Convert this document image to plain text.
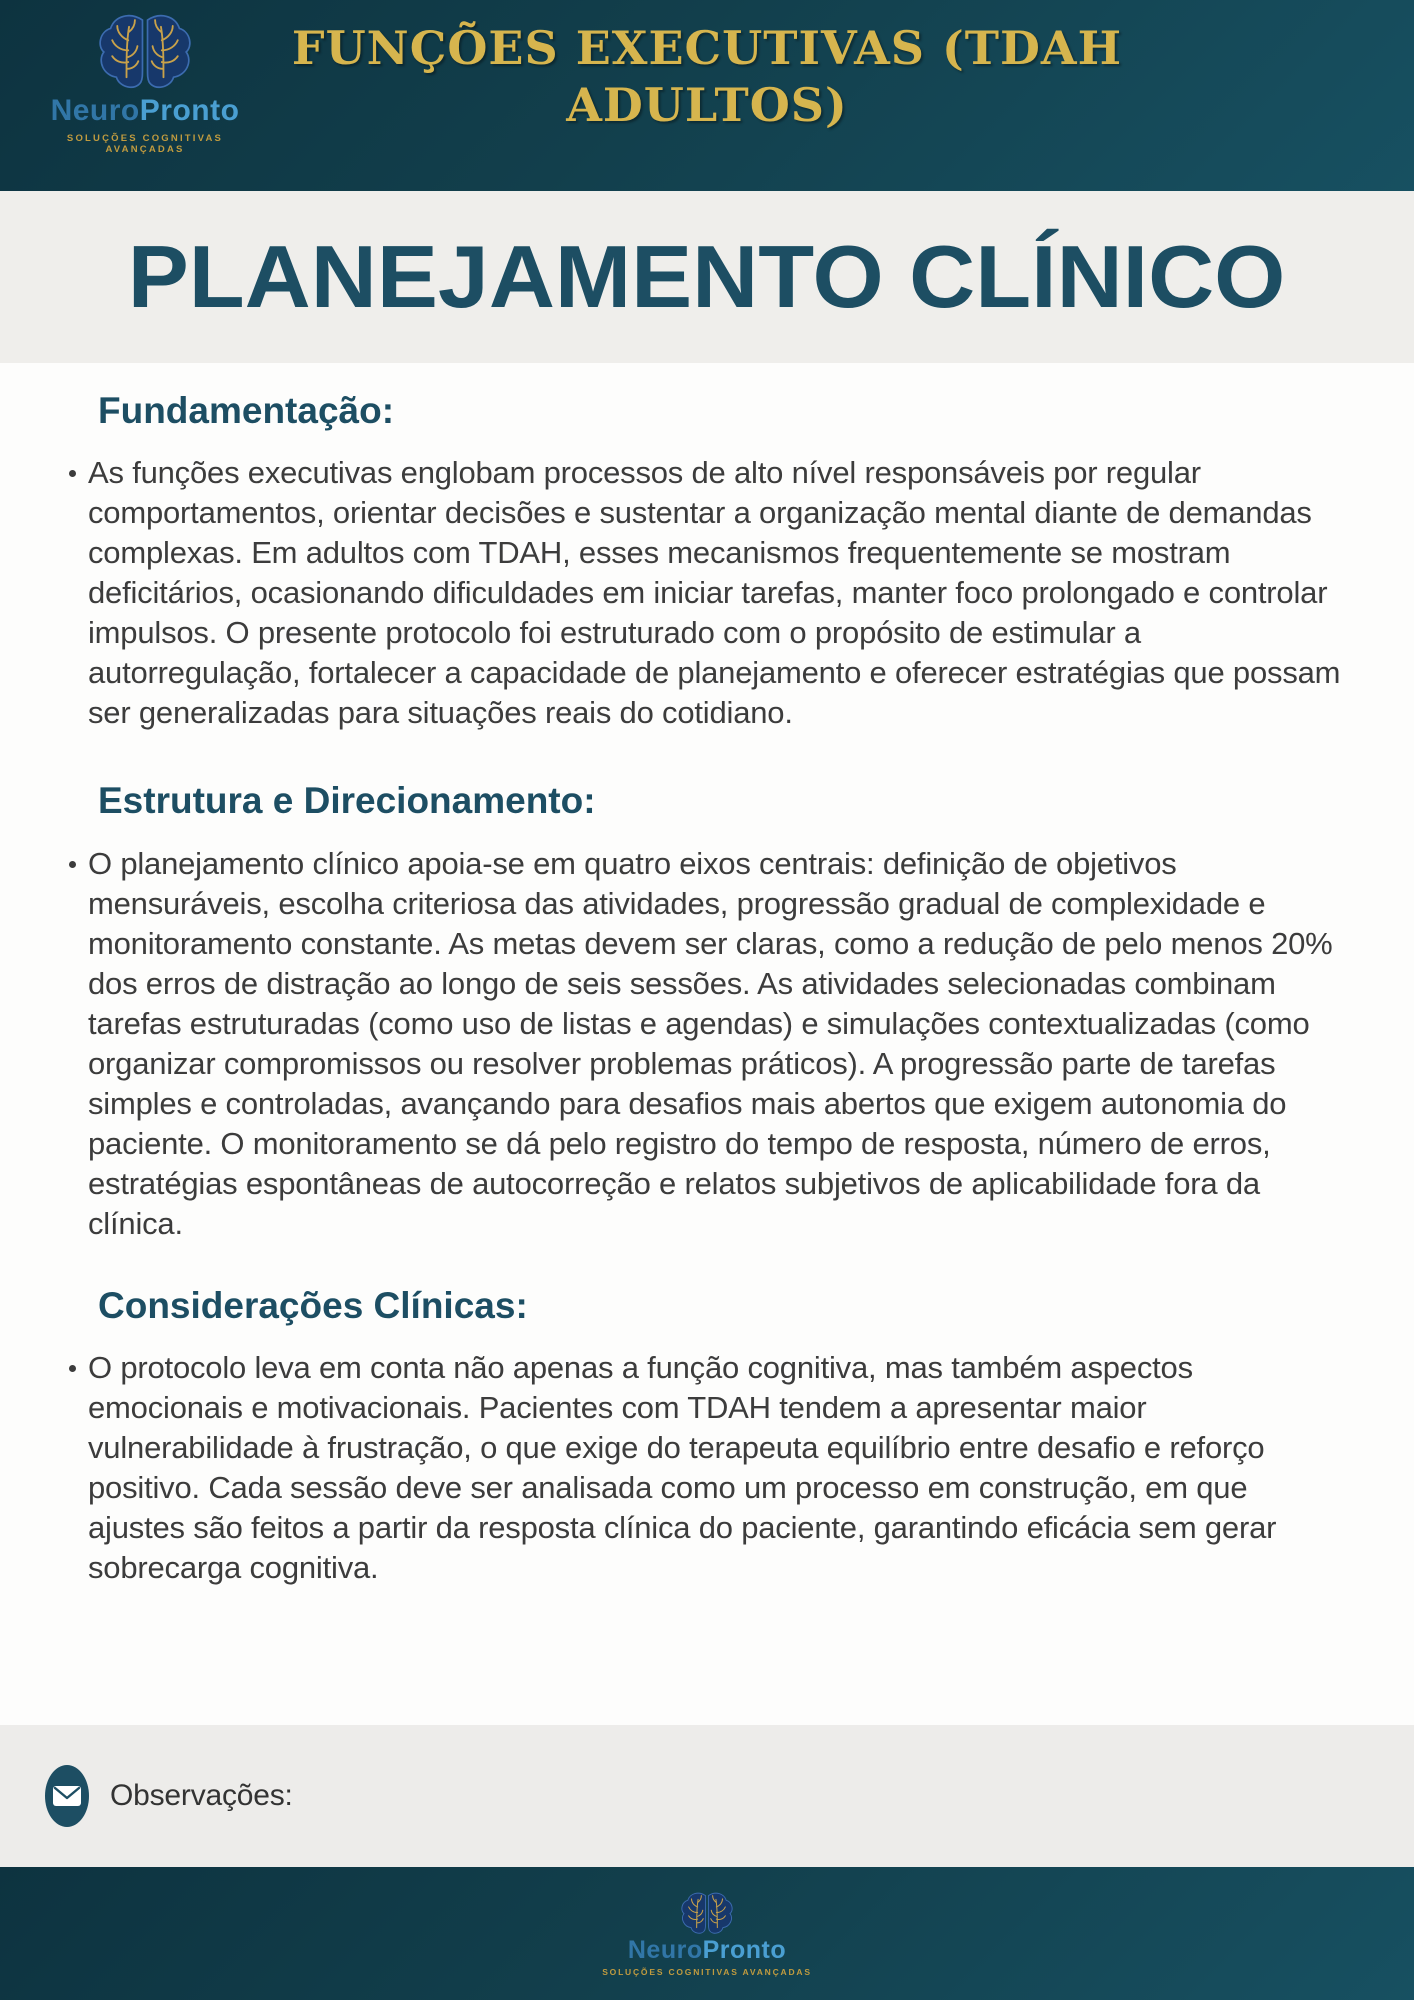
NeuroPronto
SOLUÇÕES COGNITIVAS AVANÇADAS
FUNÇÕES EXECUTIVAS (TDAH
ADULTOS)
PLANEJAMENTO CLÍNICO
Fundamentação:
As funções executivas englobam processos de alto nível responsáveis por regular comportamentos, orientar decisões e sustentar a organização mental diante de demandas complexas. Em adultos com TDAH, esses mecanismos frequentemente se mostram deficitários, ocasionando dificuldades em iniciar tarefas, manter foco prolongado e controlar impulsos. O presente protocolo foi estruturado com o propósito de estimular a autorregulação, fortalecer a capacidade de planejamento e oferecer estratégias que possam ser generalizadas para situações reais do cotidiano.
Estrutura e Direcionamento:
O planejamento clínico apoia-se em quatro eixos centrais: definição de objetivos mensuráveis, escolha criteriosa das atividades, progressão gradual de complexidade e monitoramento constante. As metas devem ser claras, como a redução de pelo menos 20% dos erros de distração ao longo de seis sessões. As atividades selecionadas combinam tarefas estruturadas (como uso de listas e agendas) e simulações contextualizadas (como organizar compromissos ou resolver problemas práticos). A progressão parte de tarefas simples e controladas, avançando para desafios mais abertos que exigem autonomia do paciente. O monitoramento se dá pelo registro do tempo de resposta, número de erros, estratégias espontâneas de autocorreção e relatos subjetivos de aplicabilidade fora da clínica.
Considerações Clínicas:
O protocolo leva em conta não apenas a função cognitiva, mas também aspectos emocionais e motivacionais. Pacientes com TDAH tendem a apresentar maior vulnerabilidade à frustração, o que exige do terapeuta equilíbrio entre desafio e reforço positivo. Cada sessão deve ser analisada como um processo em construção, em que ajustes são feitos a partir da resposta clínica do paciente, garantindo eficácia sem gerar sobrecarga cognitiva.
Observações:
NeuroPronto
SOLUÇÕES COGNITIVAS AVANÇADAS
